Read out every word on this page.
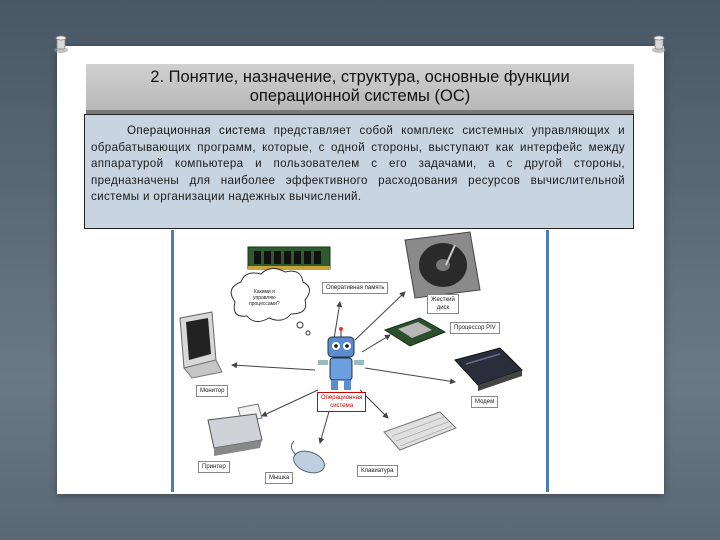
2. Понятие, назначение, структура, основные функции
операционной системы (ОС)
Какими я
управляю
процессами?
Оперативная память
Жесткий
диск
Процессор PIV
Операционная
система
Модем
Монитор
Принтер
Клавиатура
Мышка
Операционная система представляет собой комплекс системных управляющих и обрабатывающих программ, которые, с одной стороны, выступают как интерфейс между аппаратурой компьютера и пользователем с его задачами, а с другой стороны, предназначены для наиболее эффективного расходования ресурсов вычислительной системы и организации надежных вычислений.
